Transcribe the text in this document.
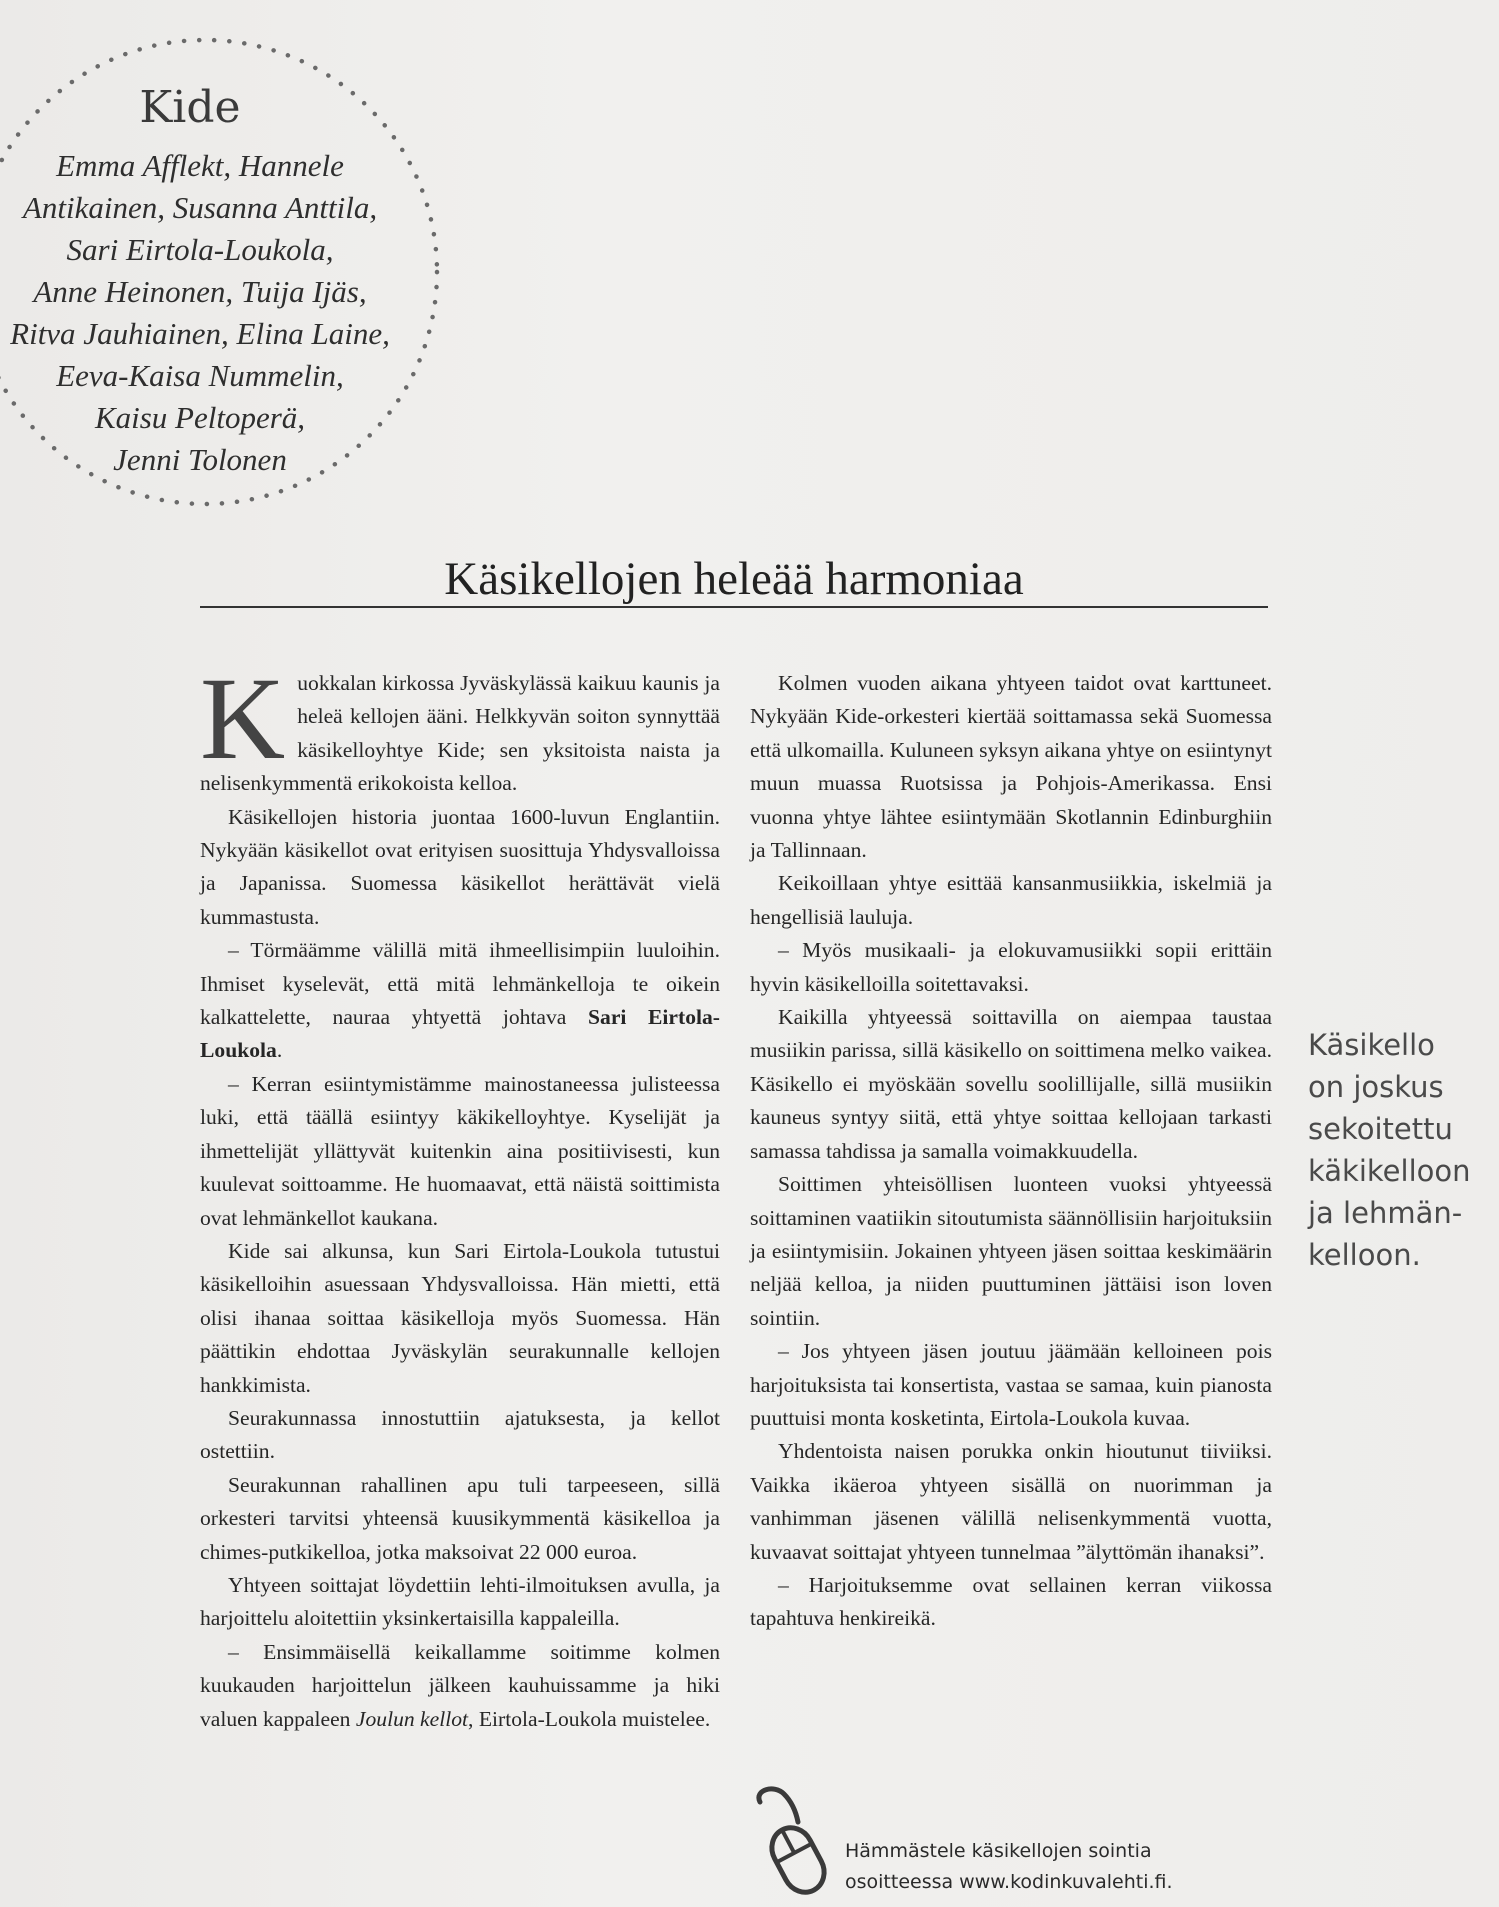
Kide
Emma Afflekt, Hannele
Antikainen, Susanna Anttila,
Sari Eirtola-Loukola,
Anne Heinonen, Tuija Ijäs,
Ritva Jauhiainen, Elina Laine,
Eeva-Kaisa Nummelin,
Kaisu Peltoperä,
Jenni Tolonen
Käsikellojen heleää harmoniaa

Kuokkalan kirkossa Jyväskylässä kaikuu kaunis ja heleä kellojen ääni. Helkkyvän soiton synnyttää käsikelloyhtye Kide; sen yksitoista naista ja nelisenkymmentä erikokoista kelloa.

Käsikellojen historia juontaa 1600-luvun Englantiin. Nykyään käsikellot ovat erityisen suosittuja Yhdysvalloissa ja Japanissa. Suomessa käsikellot herättävät vielä kummastusta.

– Törmäämme välillä mitä ihmeellisimpiin luuloihin. Ihmiset kyselevät, että mitä lehmänkelloja te oikein kalkattelette, nauraa yhtyettä johtava Sari Eirtola-Loukola.

– Kerran esiintymistämme mainostaneessa julisteessa luki, että täällä esiintyy käkikelloyhtye. Kyselijät ja ihmettelijät yllättyvät kuitenkin aina positiivisesti, kun kuulevat soittoamme. He huomaavat, että näistä soittimista ovat lehmänkellot kaukana.

Kide sai alkunsa, kun Sari Eirtola-Loukola tutustui käsikelloihin asuessaan Yhdysvalloissa. Hän mietti, että olisi ihanaa soittaa käsikelloja myös Suomessa. Hän päättikin ehdottaa Jyväskylän seurakunnalle kellojen hankkimista.

Seurakunnassa innostuttiin ajatuksesta, ja kellot ostettiin.

Seurakunnan rahallinen apu tuli tarpeeseen, sillä orkesteri tarvitsi yhteensä kuusikymmentä käsikelloa ja chimes-putkikelloa, jotka maksoivat 22 000 euroa.

Yhtyeen soittajat löydettiin lehti-ilmoituksen avulla, ja harjoittelu aloitettiin yksinkertaisilla kappaleilla.

– Ensimmäisellä keikallamme soitimme kolmen kuukauden harjoittelun jälkeen kauhuissamme ja hiki valuen kappaleen Joulun kellot, Eirtola-Loukola muistelee.

Kolmen vuoden aikana yhtyeen taidot ovat karttuneet. Nykyään Kide-orkesteri kiertää soittamassa sekä Suomessa että ulkomailla. Kuluneen syksyn aikana yhtye on esiintynyt muun muassa Ruotsissa ja Pohjois-Amerikassa. Ensi vuonna yhtye lähtee esiintymään Skotlannin Edinburghiin ja Tallinnaan.

Keikoillaan yhtye esittää kansanmusiikkia, iskelmiä ja hengellisiä lauluja.

– Myös musikaali- ja elokuvamusiikki sopii erittäin hyvin käsikelloilla soitettavaksi.

Kaikilla yhtyeessä soittavilla on aiempaa taustaa musiikin parissa, sillä käsikello on soittimena melko vaikea. Käsikello ei myöskään sovellu soolillijalle, sillä musiikin kauneus syntyy siitä, että yhtye soittaa kellojaan tarkasti samassa tahdissa ja samalla voimakkuudella.

Soittimen yhteisöllisen luonteen vuoksi yhtyeessä soittaminen vaatiikin sitoutumista säännöllisiin harjoituksiin ja esiintymisiin. Jokainen yhtyeen jäsen soittaa keskimäärin neljää kelloa, ja niiden puuttuminen jättäisi ison loven sointiin.

– Jos yhtyeen jäsen joutuu jäämään kelloineen pois harjoituksista tai konsertista, vastaa se samaa, kuin pianosta puuttuisi monta kosketinta, Eirtola-Loukola kuvaa.

Yhdentoista naisen porukka onkin hioutunut tiiviiksi. Vaikka ikäeroa yhtyeen sisällä on nuorimman ja vanhimman jäsenen välillä nelisenkymmentä vuotta, kuvaavat soittajat yhtyeen tunnelmaa ”älyttömän ihanaksi”.

– Harjoituksemme ovat sellainen kerran viikossa tapahtuva henkireikä.

Käsikello
on joskus
sekoitettu
käkikelloon
ja lehmän-
kelloon.
Hämmästele käsikellojen sointia
osoitteessa www.kodinkuvalehti.fi.
